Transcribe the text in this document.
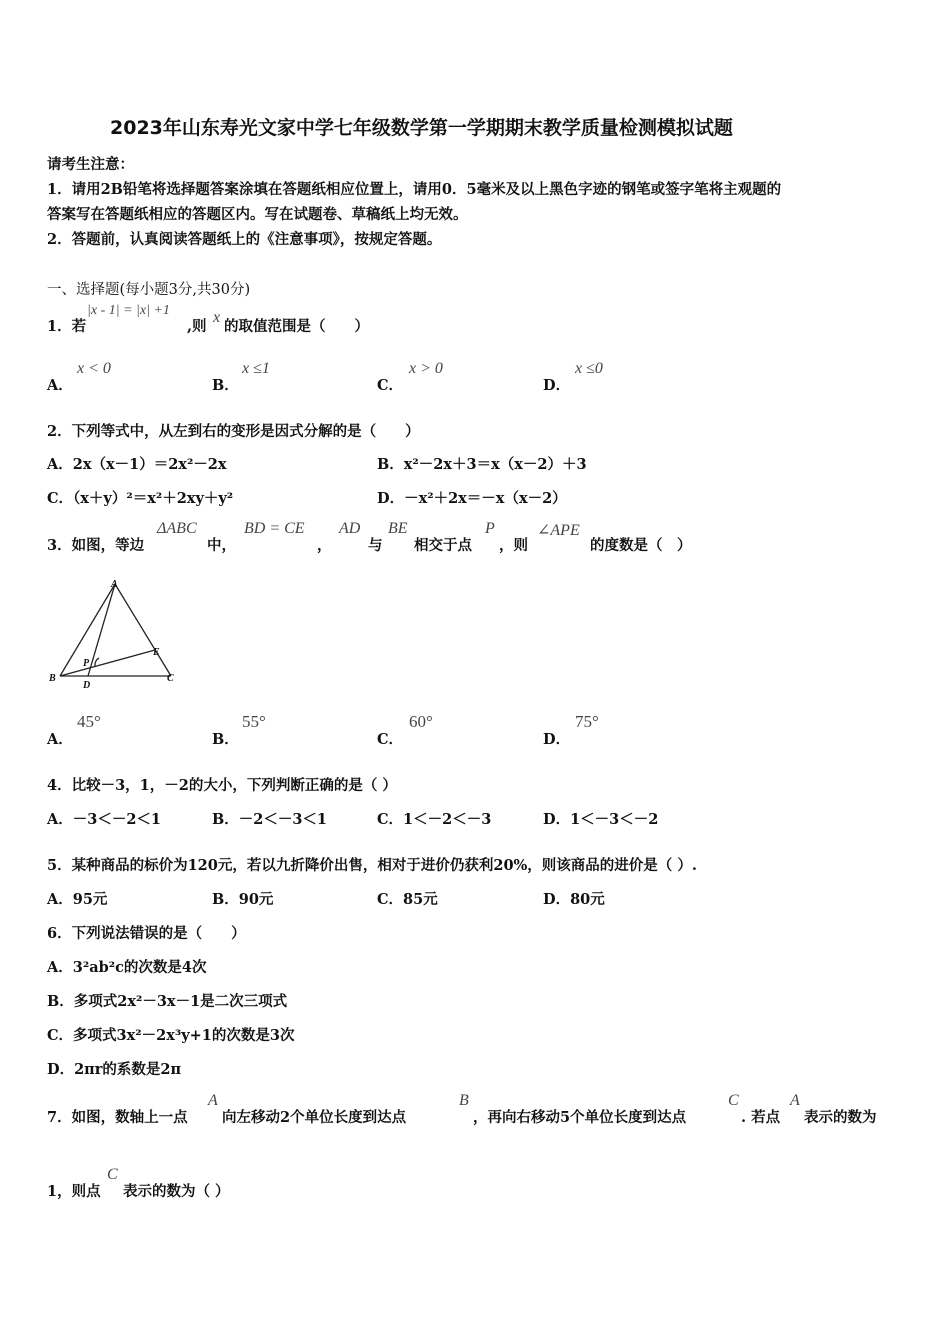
2023年山东寿光文家中学七年级数学第一学期期末教学质量检测模拟试题
请考生注意：
1．请用2B铅笔将选择题答案涂填在答题纸相应位置上，请用0．5毫米及以上黑色字迹的钢笔或签字笔将主观题的
答案写在答题纸相应的答题区内。写在试题卷、草稿纸上均无效。
2．答题前，认真阅读答题纸上的《注意事项》，按规定答题。
一、选择题(每小题3分,共30分)
1．若
|x - 1| = |x| +1
,则
x
的取值范围是（　　）
A．
x < 0
B．
x ≤1
C．
x > 0
D．
x ≤0
2．下列等式中，从左到右的变形是因式分解的是（　　）
A．2x（x－1）＝2x²－2x	B．x²－2x＋3＝x（x－2）＋3
C．（x＋y）²＝x²＋2xy＋y²	D．－x²＋2x＝－x（x－2）
3．如图，等边
ΔABC
中，
BD = CE
，
AD
与
BE
相交于点
P
，则
∠APE
的度数是（　）
A
B	C
D
E
P
A．
45°
B．
55°
C．
60°
D．
75°
4．比较－3，1，－2的大小，下列判断正确的是（ ）
A．－3＜－2＜1	B．－2＜－3＜1	C．1＜－2＜－3	D．1＜－3＜－2
5．某种商品的标价为120元，若以九折降价出售，相对于进价仍获利20%，则该商品的进价是（ ）.
A．95元	B．90元	C．85元	D．80元
6．下列说法错误的是（　　）
A．3²ab²c的次数是4次
B．多项式2x²－3x－1是二次三项式
C．多项式3x²－2x³y+1的次数是3次
D．2πr的系数是2π
7．如图，数轴上一点
A
向左移动2个单位长度到达点
B
，再向右移动5个单位长度到达点
C
. 若点
A
表示的数为
1，则点
C
表示的数为（ ）
